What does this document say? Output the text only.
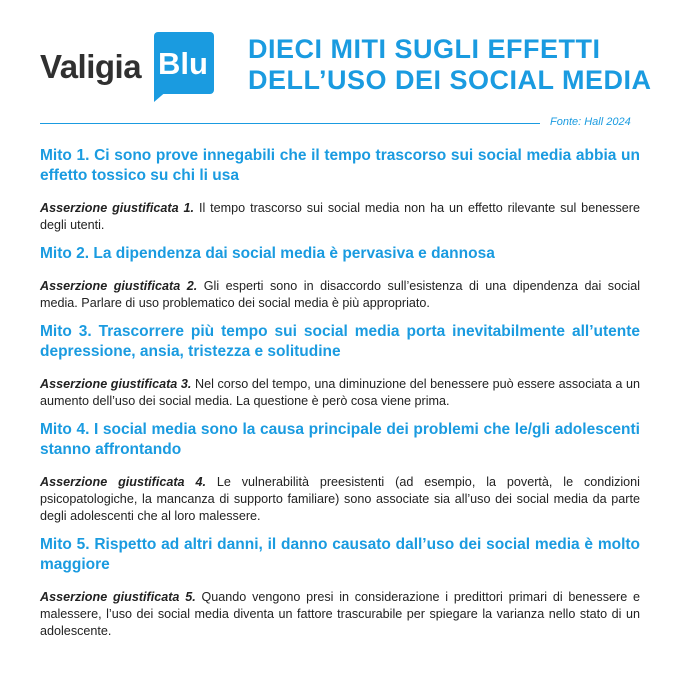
Valigia Blu DIECI MITI SUGLI EFFETTI
DELL’USO DEI SOCIAL MEDIA
Fonte: Hall 2024

Mito 1. Ci sono prove innegabili che il tempo trascorso sui social media abbia un effetto tossico su chi li usa

Asserzione giustificata 1. Il tempo trascorso sui social media non ha un effetto rilevante sul benessere degli utenti.

Mito 2. La dipendenza dai social media è pervasiva e dannosa

Asserzione giustificata 2. Gli esperti sono in disaccordo sull’esistenza di una dipendenza dai social media. Parlare di uso problematico dei social media è più appropriato.

Mito 3. Trascorrere più tempo sui social media porta inevitabilmente all’utente depressione, ansia, tristezza e solitudine

Asserzione giustificata 3. Nel corso del tempo, una diminuzione del benessere può essere associata a un aumento dell’uso dei social media. La questione è però cosa viene prima.

Mito 4. I social media sono la causa principale dei problemi che le/gli adolescenti stanno affrontando

Asserzione giustificata 4. Le vulnerabilità preesistenti (ad esempio, la povertà, le condizioni psicopatologiche, la mancanza di supporto familiare) sono associate sia all’uso dei social media da parte degli adolescenti che al loro malessere.

Mito 5. Rispetto ad altri danni, il danno causato dall’uso dei social media è molto maggiore

Asserzione giustificata 5. Quando vengono presi in considerazione i predittori primari di benessere e malessere, l’uso dei social media diventa un fattore trascurabile per spiegare la varianza nello stato di un adolescente.
